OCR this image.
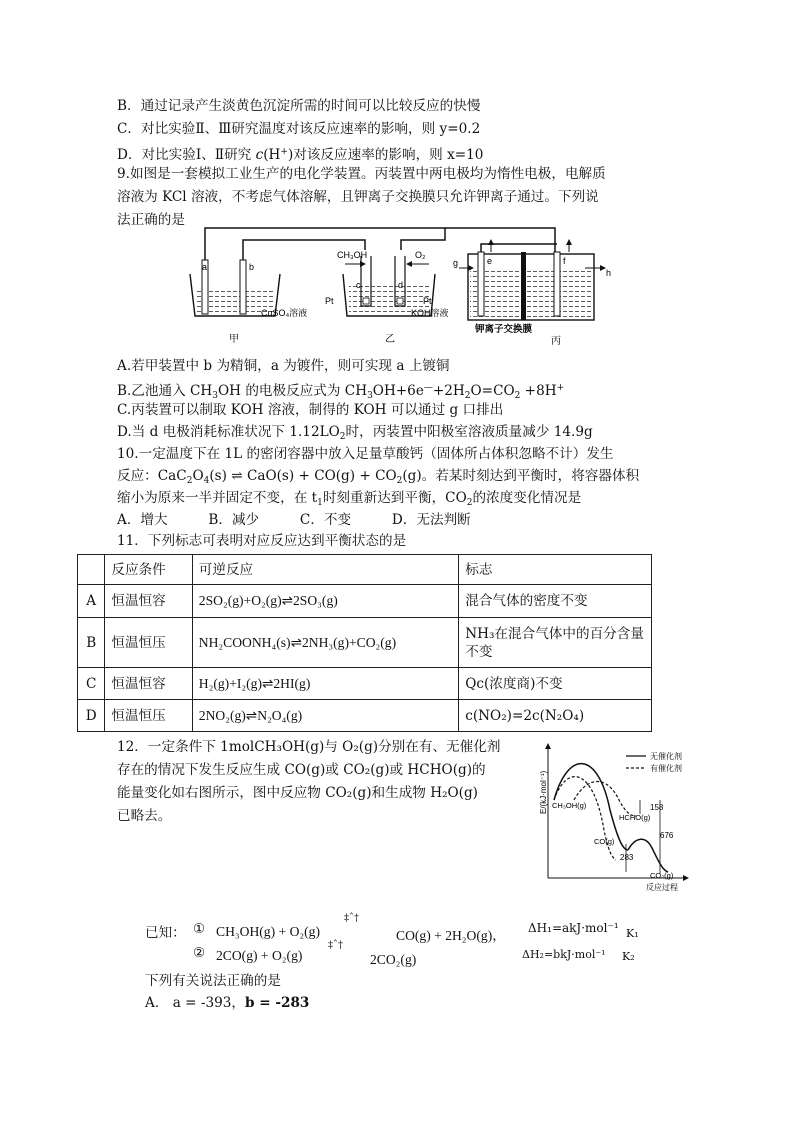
B．通过记录产生淡黄色沉淀所需的时间可以比较反应的快慢
C．对比实验Ⅱ、Ⅲ研究温度对该反应速率的影响，则 y=0.2
D．对比实验Ⅰ、Ⅱ研究 c(H+)对该反应速率的影响，则 x=10
9.如图是一套模拟工业生产的电化学装置。丙装置中两电极均为惰性电极，电解质
溶液为 KCl 溶液，不考虑气体溶解，且钾离子交换膜只允许钾离子通过。下列说
法正确的是
a	b
CuSO₄溶液
甲
CH₃OH	O₂
c	d
Pt	Pt
KOH溶液
乙
g
h
e	f
钾离子交换膜
丙
A.若甲装置中 b 为精铜，a 为镀件，则可实现 a 上镀铜
B.乙池通入 $CH_3OH$ 的电极反应式为 $CH_3OH+6e^—+2H_2O=CO_2 +8H^+$
C.丙装置可以制取 KOH 溶液，制得的 KOH 可以通过 g 口排出
D.当 d 电极消耗标准状况下 $1.12LO_2$时，丙装置中阳极室溶液质量减少 14.9g
10.一定温度下在 1L 的密闭容器中放入足量草酸钙（固体所占体积忽略不计）发生
反应：$CaC_2O_4(s)$ ⇌ $CaO(s) + CO(g) + CO_2(g)$。若某时刻达到平衡时，将容器体积
缩小为原来一半并固定不变，在 $t_1$时刻重新达到平衡，$CO_2$的浓度变化情况是
A．增大　　　B．减少　　　C．不变　　　D．无法判断
11．下列标志可表明对应反应达到平衡状态的是
	反应条件	可逆反应	标志
A	恒温恒容	2SO₂(g)+O₂(g)⇌2SO₃(g)	混合气体的密度不变
B	恒温恒压	NH₂COONH₄(s)⇌2NH₃(g)+CO₂(g)	NH₃在混合气体中的百分含量不变
C	恒温恒容	H₂(g)+I₂(g)⇌2HI(g)	Qc(浓度商)不变
D	恒温恒压	2NO₂(g)⇌N₂O₄(g)	c(NO₂)=2c(N₂O₄)
12．一定条件下 1molCH₃OH(g)与 O₂(g)分别在有、无催化剂
存在的情况下发生反应生成 CO(g)或 CO₂(g)或 HCHO(g)的
能量变化如右图所示，图中反应物 CO₂(g)和生成物 H₂O(g)
已略去。
E/(kJ·mol⁻¹)
反应过程
无催化剂
有催化剂
CH₃OH(g)
HCHO(g)
CO(g)
CO₂(g)
158
676
283
已知： ① CH₃OH(g) + O₂(g)
‡ˆ†
CO(g) + 2H₂O(g)， ΔH₁=akJ·mol⁻¹ K₁
② 2CO(g) + O₂(g)
‡ˆ†
2CO₂(g)	ΔH₂=bkJ·mol⁻¹ K₂
下列有关说法正确的是
A． a = -393，b = -283
